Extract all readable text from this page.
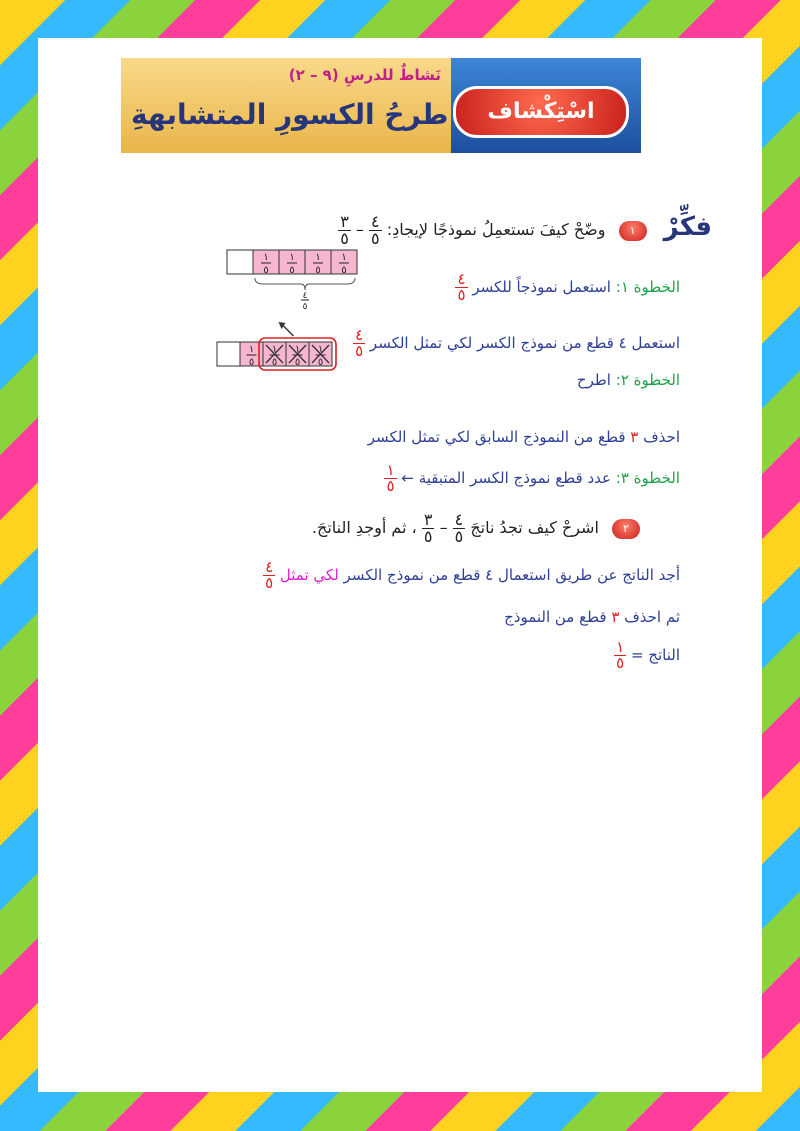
نَشاطٌ للدرسِ (٩ – ٢)
طرحُ الكسورِ المتشابهةِ	اسْتِكْشاف
فكِّرْ ١ وضّحْ كيفَ تستعمِلُ نموذجًا لإيجادِ:
$\frac{٤}{٥}$
–
$\frac{٣}{٥}$
١
٥
١
٥
١
٥
١
٥
٤
٥
الخطوة ١: استعمل نموذجاً للكسر
$\frac{٤}{٥}$
١
٥
١
٥
١
٥
١
٥
استعمل ٤ قطع من نموذج الكسر لكي تمثل الكسر
$\frac{٤}{٥}$
الخطوة ٢: اطرح
احذف ٣ قطع من النموذج السابق لكي تمثل الكسر
الخطوة ٣: عدد قطع نموذج الكسر المتبقية ←
$\frac{١}{٥}$
٢ اشرحْ كيف تجدُ ناتجَ
$\frac{٤}{٥}$
–
$\frac{٣}{٥}$
، ثم أوجدِ الناتجَ.
أجد الناتج عن طريق استعمال ٤ قطع من نموذج الكسر لكي تمثل
$\frac{٤}{٥}$
ثم احذف ٣ قطع من النموذج
الناتج =
$\frac{١}{٥}$
